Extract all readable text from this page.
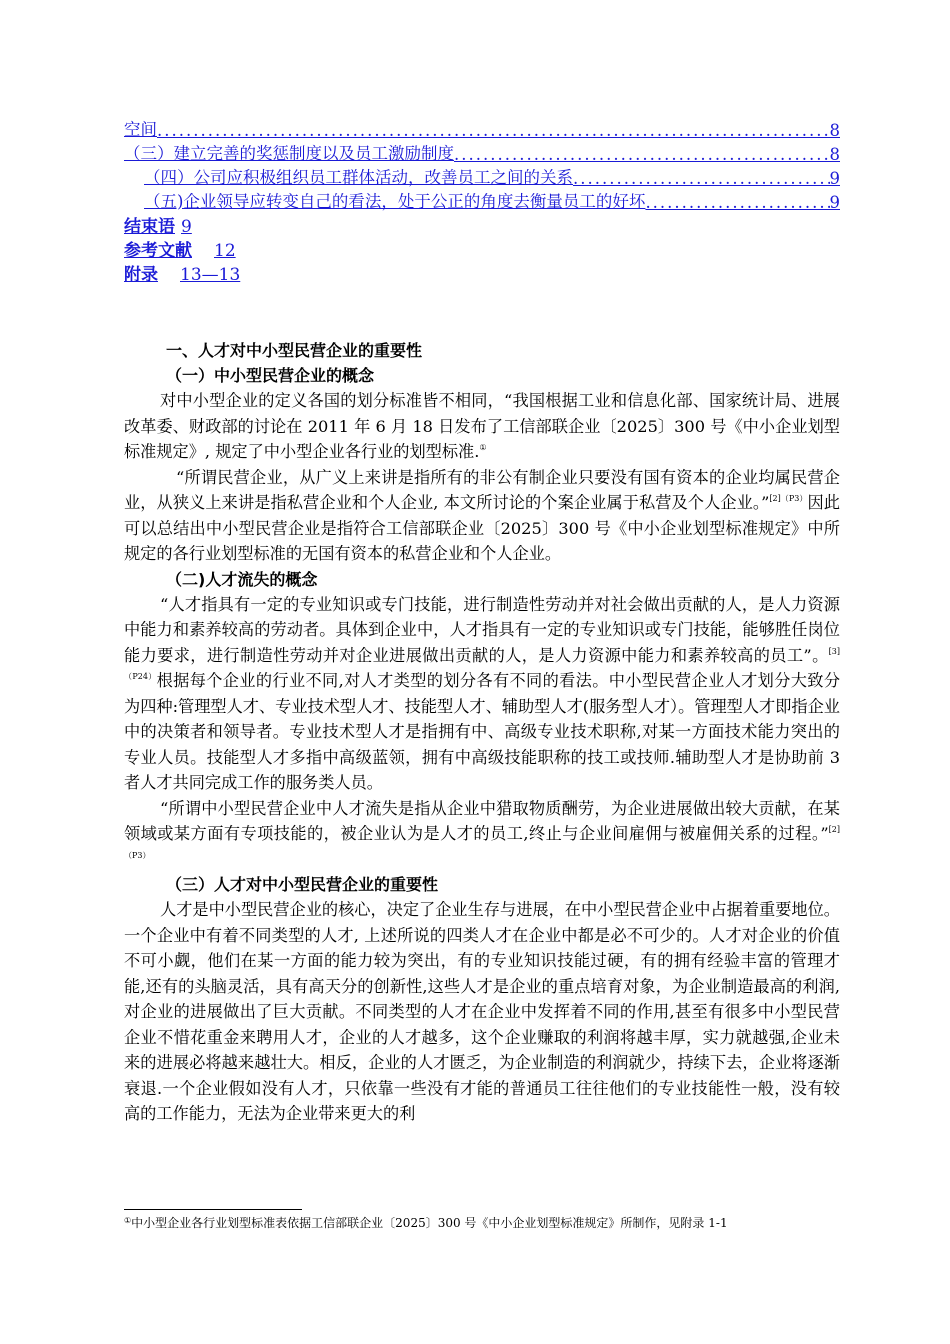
空间 .....	8
（三）建立完善的奖惩制度以及员工激励制度 .....	8
（四）公司应积极组织员工群体活动，改善员工之间的关系 .....	9
（五)企业领导应转变自己的看法，处于公正的角度去衡量员工的好坏 .....	9
结束语 9
参考文献 12
附录 13—13
一、人才对中小型民营企业的重要性
（一）中小型民营企业的概念

对中小型企业的定义各国的划分标准皆不相同，“我国根据工业和信息化部、国家统计局、进展改革委、财政部的讨论在 2011 年 6 月 18 日发布了工信部联企业〔2025〕300 号《中小企业划型标准规定》, 规定了中小型企业各行业的划型标准.①

“所谓民营企业，从广义上来讲是指所有的非公有制企业只要没有国有资本的企业均属民营企业，从狭义上来讲是指私营企业和个人企业, 本文所讨论的个案企业属于私营及个人企业。”$^{[2](P3)}$因此可以总结出中小型民营企业是指符合工信部联企业〔2025〕300 号《中小企业划型标准规定》中所规定的各行业划型标准的无国有资本的私营企业和个人企业。

（二)人才流失的概念

“人才指具有一定的专业知识或专门技能，进行制造性劳动并对社会做出贡献的人，是人力资源中能力和素养较高的劳动者。具体到企业中，人才指具有一定的专业知识或专门技能，能够胜任岗位能力要求，进行制造性劳动并对企业进展做出贡献的人，是人力资源中能力和素养较高的员工”。$^{[3](P24)}$根据每个企业的行业不同,对人才类型的划分各有不同的看法。中小型民营企业人才划分大致分为四种:管理型人才、专业技术型人才、技能型人才、辅助型人才(服务型人才）。管理型人才即指企业中的决策者和领导者。专业技术型人才是指拥有中、高级专业技术职称,对某一方面技术能力突出的专业人员。技能型人才多指中高级蓝领，拥有中高级技能职称的技工或技师.辅助型人才是协助前 3 者人才共同完成工作的服务类人员。

“所谓中小型民营企业中人才流失是指从企业中猎取物质酬劳，为企业进展做出较大贡献，在某领域或某方面有专项技能的，被企业认为是人才的员工,终止与企业间雇佣与被雇佣关系的过程。”$^{[2](P3)}$

（三）人才对中小型民营企业的重要性

人才是中小型民营企业的核心，决定了企业生存与进展，在中小型民营企业中占据着重要地位。一个企业中有着不同类型的人才, 上述所说的四类人才在企业中都是必不可少的。人才对企业的价值不可小觑，他们在某一方面的能力较为突出，有的专业知识技能过硬，有的拥有经验丰富的管理才能,还有的头脑灵活，具有高天分的创新性,这些人才是企业的重点培育对象，为企业制造最高的利润,对企业的进展做出了巨大贡献。不同类型的人才在企业中发挥着不同的作用,甚至有很多中小型民营企业不惜花重金来聘用人才，企业的人才越多，这个企业赚取的利润将越丰厚，实力就越强,企业未来的进展必将越来越壮大。相反，企业的人才匮乏，为企业制造的利润就少，持续下去，企业将逐渐衰退.一个企业假如没有人才，只依靠一些没有才能的普通员工往往他们的专业技能性一般，没有较高的工作能力，无法为企业带来更大的利

①中小型企业各行业划型标准表依据工信部联企业〔2025〕300 号《中小企业划型标准规定》所制作，见附录 1-1
